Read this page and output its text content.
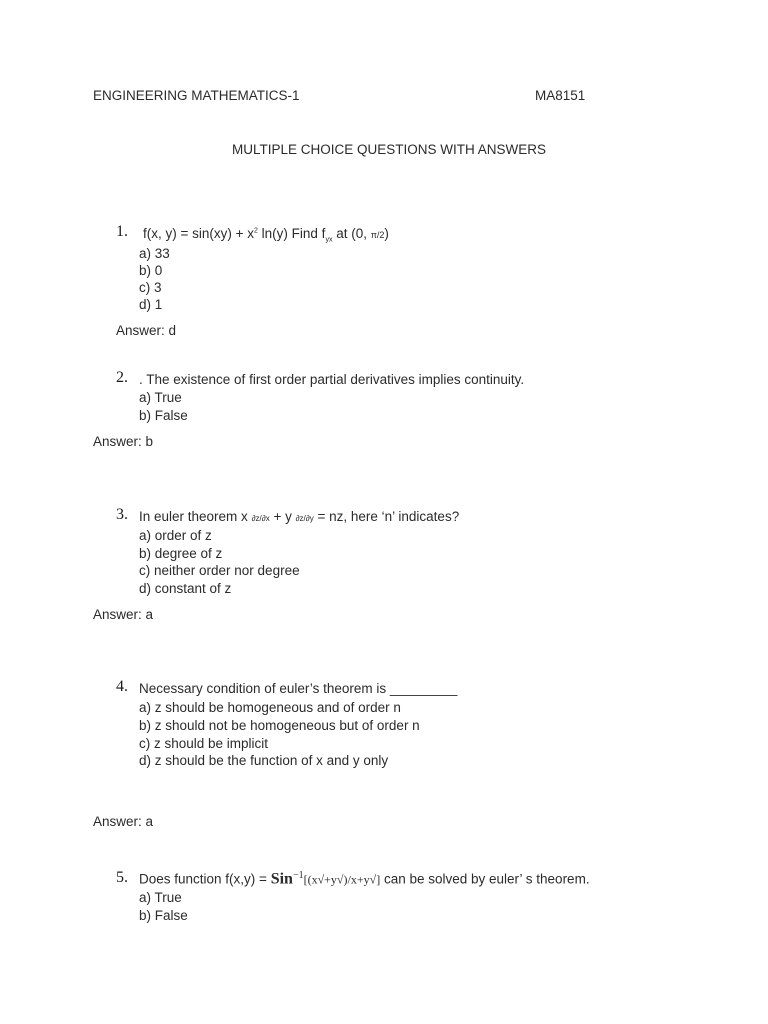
ENGINEERING MATHEMATICS-1	MA8151
MULTIPLE CHOICE QUESTIONS WITH ANSWERS
1. f(x, $y) = \sin(xy) + x^2$ ln(y) Find $f_{yx}$ at (0, π/2)
a) 33
b) 0
c) 3
d) 1
Answer: d
2. . The existence of first order partial derivatives implies continuity.
a) True
b) False
Answer: b
3. In euler theorem x ∂z/∂x + y ∂z/∂y = nz, here ‘n’ indicates?
a) order of z
b) degree of z
c) neither order nor degree
d) constant of z
Answer: a
4. Necessary condition of euler’s theorem is _________
a) z should be homogeneous and of order n
b) z should not be homogeneous but of order n
c) z should be implicit
d) z should be the function of x and y only
Answer: a
5. Does function f(x,y) = Sin$^{-1}$[(x√+y√)/x+y√] can be solved by euler’ s theorem.
a) True
b) False
